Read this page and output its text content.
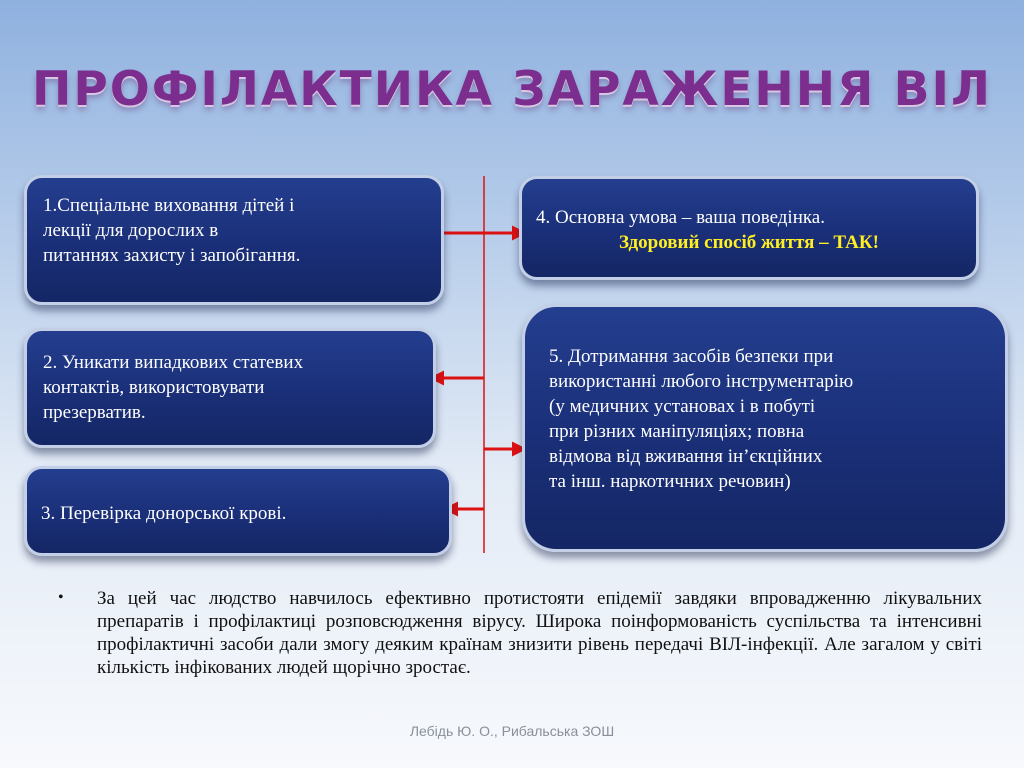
ПРОФІЛАКТИКА ЗАРАЖЕННЯ ВІЛ
1.Спеціальне виховання дітей і
лекції для дорослих в
питаннях захисту і запобігання.
2. Уникати випадкових статевих
контактів, використовувати
презерватив.
3. Перевірка донорської крові.
4. Основна умова – ваша поведінка.
Здоровий спосіб життя – ТАК!
5. Дотримання засобів безпеки при
використанні любого інструментарію
(у медичних установах і в побуті
при різних маніпуляціях; повна
відмова від вживання ін’єкційних
та інш. наркотичних речовин)
• За цей час людство навчилось ефективно протистояти епідемії завдяки впровадженню лікувальних препаратів і профілактиці розповсюдження вірусу. Широка поінформованість суспільства та інтенсивні профілактичні засоби дали змогу деяким країнам знизити рівень передачі ВІЛ-інфекції. Але загалом у світі кількість інфікованих людей щорічно зростає.
Лебідь Ю. О., Рибальська ЗОШ
